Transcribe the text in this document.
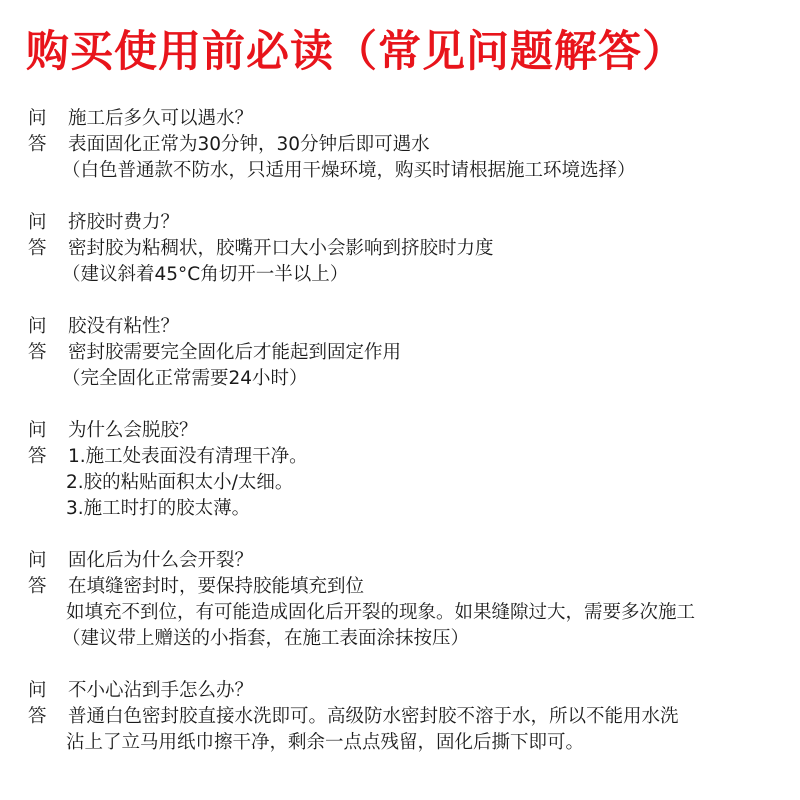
购买使用前必读（常见问题解答）
问 施工后多久可以遇水？
答 表面固化正常为30分钟，30分钟后即可遇水
（白色普通款不防水，只适用干燥环境，购买时请根据施工环境选择）
问 挤胶时费力？
答 密封胶为粘稠状，胶嘴开口大小会影响到挤胶时力度
（建议斜着45°C角切开一半以上）
问 胶没有粘性？
答 密封胶需要完全固化后才能起到固定作用
（完全固化正常需要24小时）
问 为什么会脱胶？
答 1.施工处表面没有清理干净。
2.胶的粘贴面积太小/太细。
3.施工时打的胶太薄。
问 固化后为什么会开裂？
答 在填缝密封时，要保持胶能填充到位
如填充不到位，有可能造成固化后开裂的现象。如果缝隙过大，需要多次施工
（建议带上赠送的小指套，在施工表面涂抹按压）
问 不小心沾到手怎么办？
答 普通白色密封胶直接水洗即可。高级防水密封胶不溶于水，所以不能用水洗
沾上了立马用纸巾擦干净，剩余一点点残留，固化后撕下即可。
